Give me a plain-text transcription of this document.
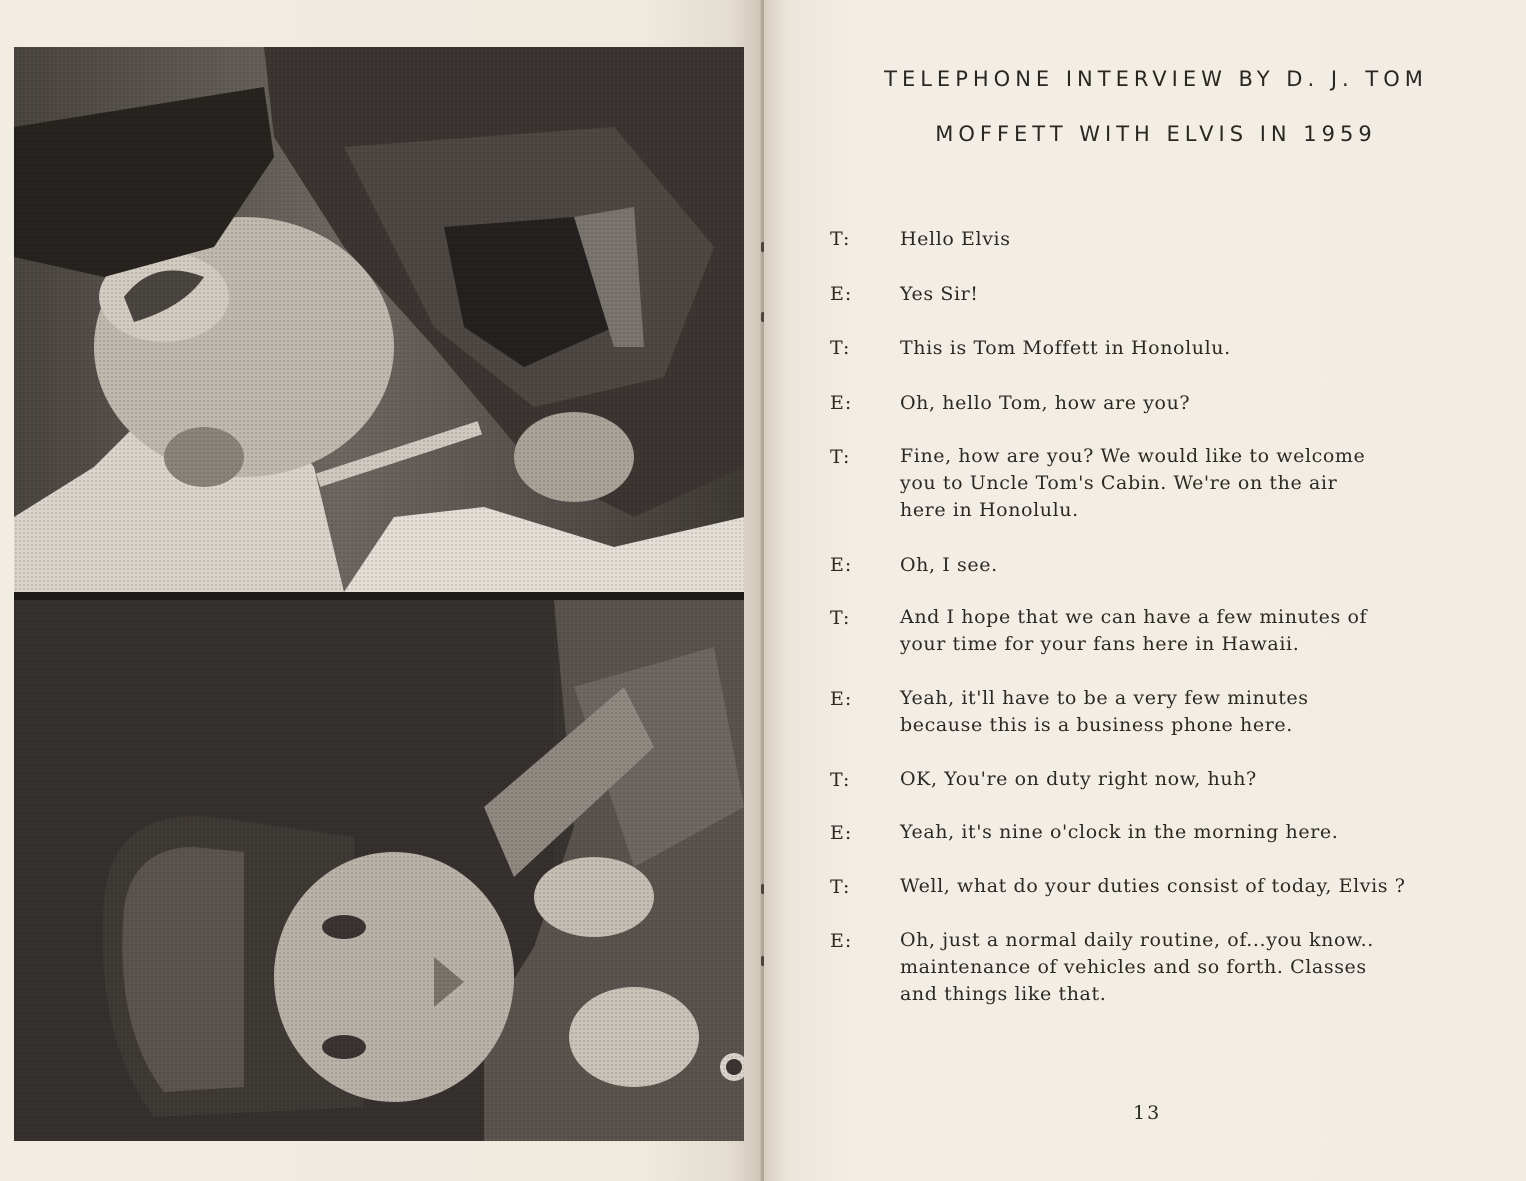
TELEPHONE INTERVIEW BY D. J. TOM
MOFFETT WITH ELVIS IN 1959
T:	Hello Elvis
E:	Yes Sir!
T:	This is Tom Moffett in Honolulu.
E:	Oh, hello Tom, how are you?
T:	Fine, how are you? We would like to welcome
you to Uncle Tom's Cabin. We're on the air
here in Honolulu.
E:	Oh, I see.
T:	And I hope that we can have a few minutes of
your time for your fans here in Hawaii.
E:	Yeah, it'll have to be a very few minutes
because this is a business phone here.
T:	OK, You're on duty right now, huh?
E:	Yeah, it's nine o'clock in the morning here.
T:	Well, what do your duties consist of today, Elvis ?
E:	Oh, just a normal daily routine, of...you know..
maintenance of vehicles and so forth. Classes
and things like that.
13
